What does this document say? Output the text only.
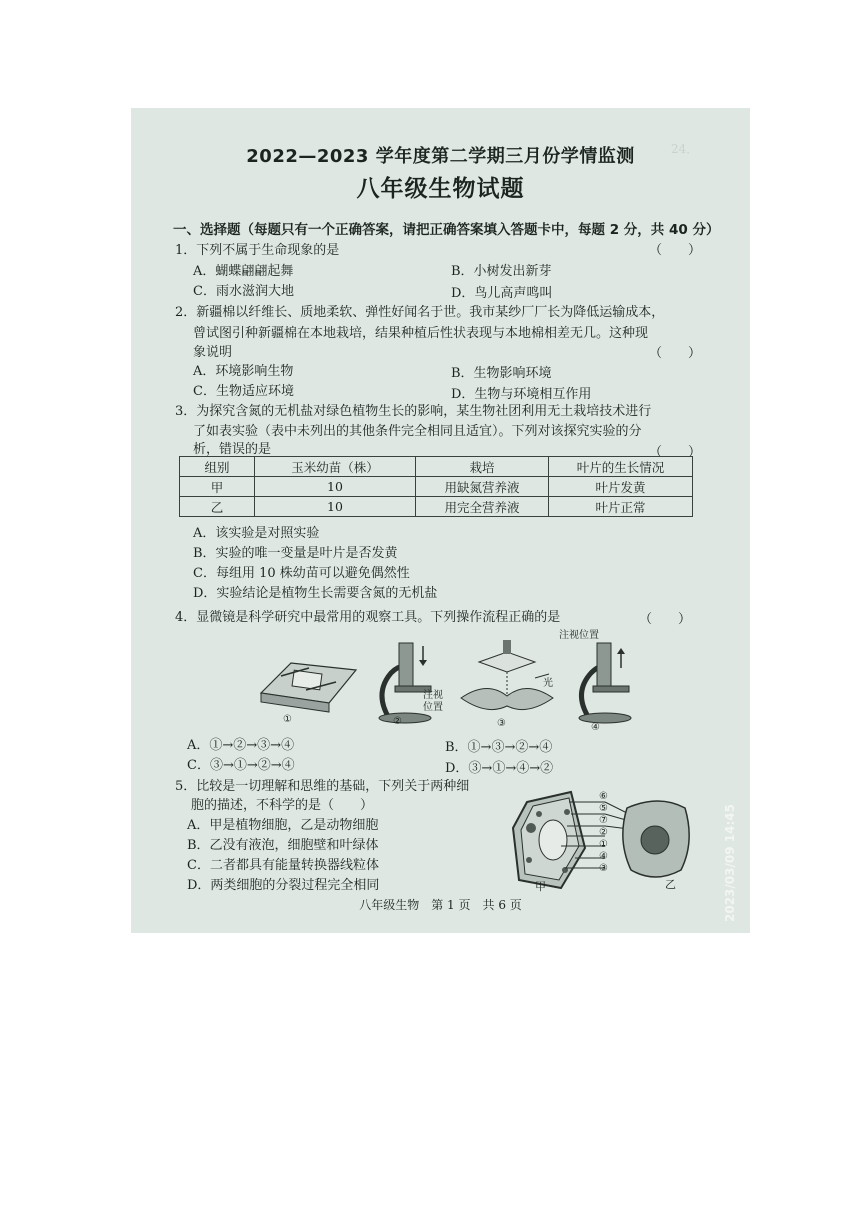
24．
2022—2023 学年度第二学期三月份学情监测
八年级生物试题
一、选择题（每题只有一个正确答案，请把正确答案填入答题卡中，每题 2 分，共 40 分）
1．下列不属于生命现象的是	（　　）
A．蝴蝶翩翩起舞	B．小树发出新芽
C．雨水滋润大地	D．鸟儿高声鸣叫
2．新疆棉以纤维长、质地柔软、弹性好闻名于世。我市某纱厂厂长为降低运输成本，
曾试图引种新疆棉在本地栽培，结果种植后性状表现与本地棉相差无几。这种现
象说明	（　　）
A．环境影响生物	B．生物影响环境
C．生物适应环境	D．生物与环境相互作用
3．为探究含氮的无机盐对绿色植物生长的影响，某生物社团利用无土栽培技术进行
了如表实验（表中未列出的其他条件完全相同且适宜）。下列对该探究实验的分
析，错误的是	（　　）
组别	玉米幼苗（株）	栽培	叶片的生长情况
甲	10	用缺氮营养液	叶片发黄
乙	10	用完全营养液	叶片正常
A．该实验是对照实验
B．实验的唯一变量是叶片是否发黄
C．每组用 10 株幼苗可以避免偶然性
D．实验结论是植物生长需要含氮的无机盐
4．显微镜是科学研究中最常用的观察工具。下列操作流程正确的是	（　　）
①
注视
位置
②
光
③
注视位置
④
A．①→②→③→④	B．①→③→②→④
C．③→①→②→④	D．③→①→④→②
5．比较是一切理解和思维的基础，下列关于两种细
胞的描述，不科学的是（　　）
A．甲是植物细胞，乙是动物细胞
B．乙没有液泡，细胞壁和叶绿体
C．二者都具有能量转换器线粒体
D．两类细胞的分裂过程完全相同
⑥
⑤
⑦
②
①
④
③
甲	乙
八年级生物　第 1 页　共 6 页	2023/03/09 14:45
